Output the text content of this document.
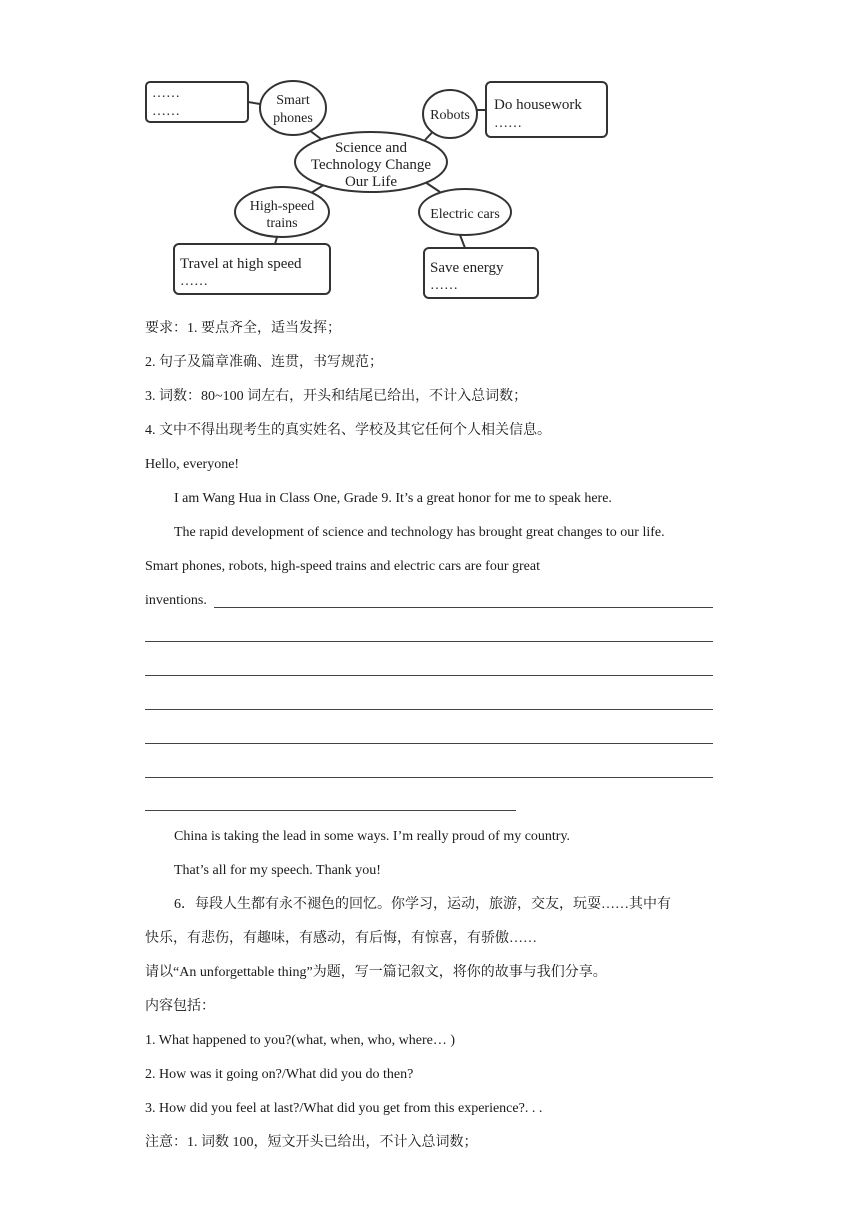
……
……
Smart
phones	Robots
Do housework
……
Science and
Technology Change
Our Life
High-speed
trains
Electric cars
Travel at high speed
……
Save energy
……
要求：1. 要点齐全，适当发挥；
2. 句子及篇章准确、连贯，书写规范；
3. 词数：80~100 词左右，开头和结尾已给出，不计入总词数；
4. 文中不得出现考生的真实姓名、学校及其它任何个人相关信息。
Hello, everyone!
I am Wang Hua in Class One, Grade 9. It’s a great honor for me to speak here.
The rapid development of science and technology has brought great changes to our life.
Smart phones, robots, high-speed trains and electric cars are four great
inventions.
China is taking the lead in some ways. I’m really proud of my country.
That’s all for my speech. Thank you!
6．每段人生都有永不褪色的回忆。你学习，运动，旅游，交友，玩耍……其中有
快乐，有悲伤，有趣味，有感动，有后悔，有惊喜，有骄傲……
请以“An unforgettable thing”为题，写一篇记叙文，将你的故事与我们分享。
内容包括：
1. What happened to you?(what, when, who, where… )
2. How was it going on?/What did you do then?
3. How did you feel at last?/What did you get from this experience?. . .
注意：1. 词数 100，短文开头已给出，不计入总词数；
